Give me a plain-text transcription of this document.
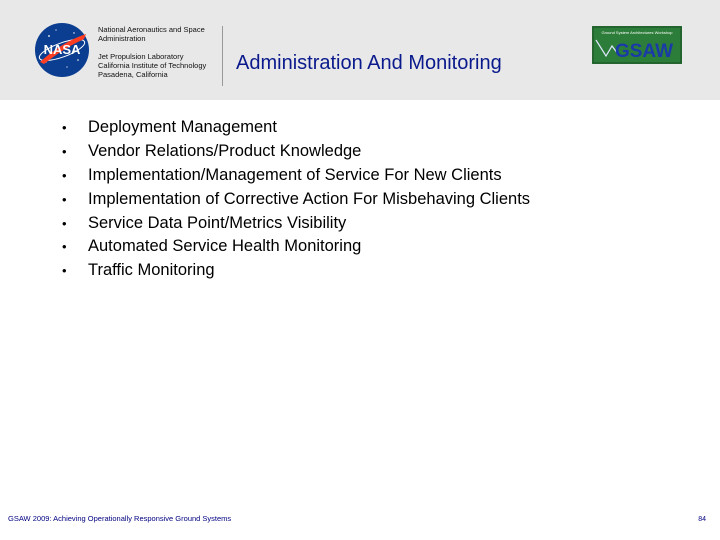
NASA
National Aeronautics and Space Administration
Jet Propulsion Laboratory
California Institute of Technology
Pasadena, California
Administration And Monitoring
Ground System Architectures Workshop
GSAW
•	Deployment Management
•	Vendor Relations/Product Knowledge
•	Implementation/Management of Service For New Clients
•	Implementation of Corrective Action For Misbehaving Clients
•	Service Data Point/Metrics Visibility
•	Automated Service Health Monitoring
•	Traffic Monitoring
GSAW 2009: Achieving Operationally Responsive Ground Systems	84
